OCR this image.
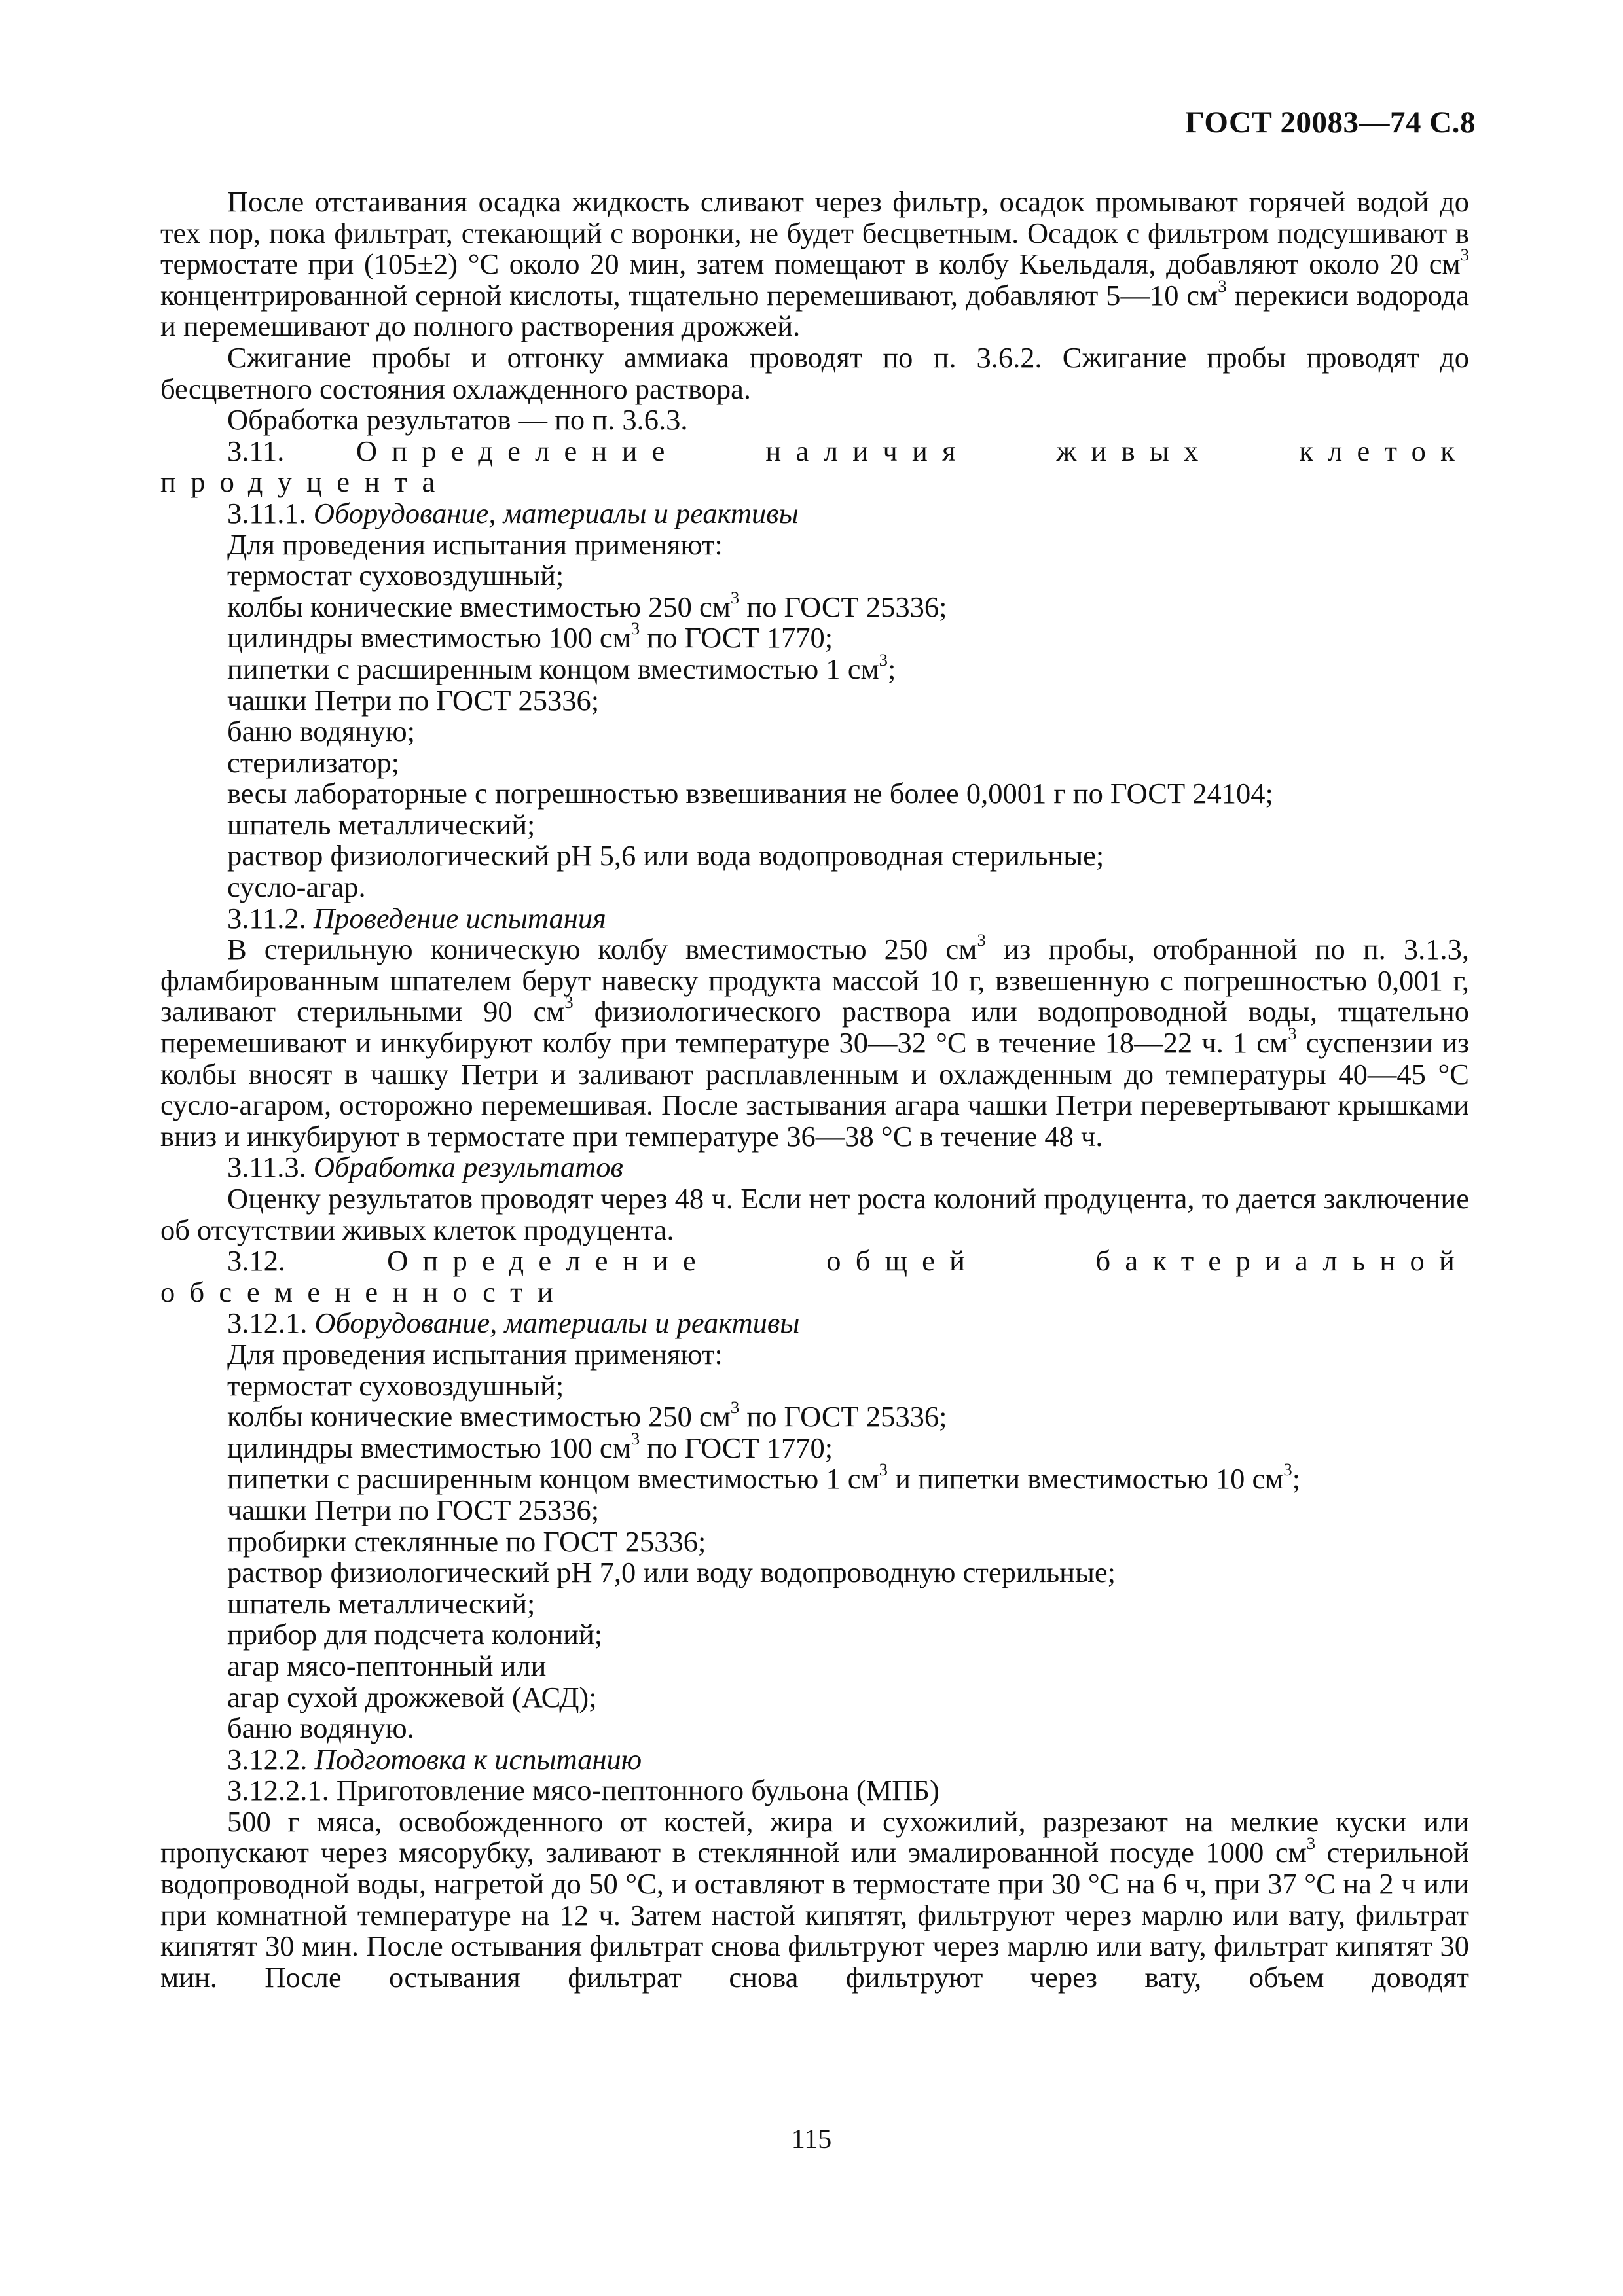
ГОСТ 20083—74 С.8

После отстаивания осадка жидкость сливают через фильтр, осадок промывают горячей водой до тех пор, пока фильтрат, стекающий с воронки, не будет бесцветным. Осадок с фильтром подсушивают в термостате при (105±2) °С около 20 мин, затем помещают в колбу Кьельдаля, добавляют около 20 $см^3$ концентрированной серной кислоты, тщательно перемешивают, добавляют 5—10 $см^3$ перекиси водорода и перемешивают до полного растворения дрожжей.

Сжигание пробы и отгонку аммиака проводят по п. 3.6.2. Сжигание пробы проводят до бесцветного состояния охлажденного раствора.

Обработка результатов — по п. 3.6.3.

3.11. Определение наличия живых клеток продуцента

3.11.1. Оборудование, материалы и реактивы

Для проведения испытания применяют:

термостат суховоздушный;

колбы конические вместимостью 250 $см^3$ по ГОСТ 25336;

цилиндры вместимостью 100 $см^3$ по ГОСТ 1770;

пипетки с расширенным концом вместимостью 1 $см^3$;

чашки Петри по ГОСТ 25336;

баню водяную;

стерилизатор;

весы лабораторные с погрешностью взвешивания не более 0,0001 г по ГОСТ 24104;

шпатель металлический;

раствор физиологический рН 5,6 или вода водопроводная стерильные;

сусло-агар.

3.11.2. Проведение испытания

В стерильную коническую колбу вместимостью 250 $см^3$ из пробы, отобранной по п. 3.1.3, фламбированным шпателем берут навеску продукта массой 10 г, взвешенную с погрешностью 0,001 г, заливают стерильными 90 $см^3$ физиологического раствора или водопроводной воды, тщательно перемешивают и инкубируют колбу при температуре 30—32 °С в течение 18—22 ч. 1 $см^3$ суспензии из колбы вносят в чашку Петри и заливают расплавленным и охлажденным до температуры 40—45 °С сусло-агаром, осторожно перемешивая. После застывания агара чашки Петри перевертывают крышками вниз и инкубируют в термостате при температуре 36—38 °С в течение 48 ч.

3.11.3. Обработка результатов

Оценку результатов проводят через 48 ч. Если нет роста колоний продуцента, то дается заключение об отсутствии живых клеток продуцента.

3.12.	Определение общей бактериальной обсемененности

3.12.1. Оборудование, материалы и реактивы

Для проведения испытания применяют:

термостат суховоздушный;

колбы конические вместимостью 250 $см^3$ по ГОСТ 25336;

цилиндры вместимостью 100 $см^3$ по ГОСТ 1770;

пипетки с расширенным концом вместимостью 1 $см^3$ и пипетки вместимостью 10 $см^3$;

чашки Петри по ГОСТ 25336;

пробирки стеклянные по ГОСТ 25336;

раствор физиологический рН 7,0 или воду водопроводную стерильные;

шпатель металлический;

прибор для подсчета колоний;

агар мясо-пептонный или

агар сухой дрожжевой (АСД);

баню водяную.

3.12.2. Подготовка к испытанию

3.12.2.1. Приготовление мясо-пептонного бульона (МПБ)

500 г мяса, освобожденного от костей, жира и сухожилий, разрезают на мелкие куски или пропускают через мясорубку, заливают в стеклянной или эмалированной посуде 1000 $см^3$ стерильной водопроводной воды, нагретой до 50 °С, и оставляют в термостате при 30 °С на 6 ч, при 37 °С на 2 ч или при комнатной температуре на 12 ч. Затем настой кипятят, фильтруют через марлю или вату, фильтрат кипятят 30 мин. После остывания фильтрат снова фильтруют через марлю или вату, фильтрат кипятят 30 мин. После остывания фильтрат снова фильтруют через вату, объем доводят

115
